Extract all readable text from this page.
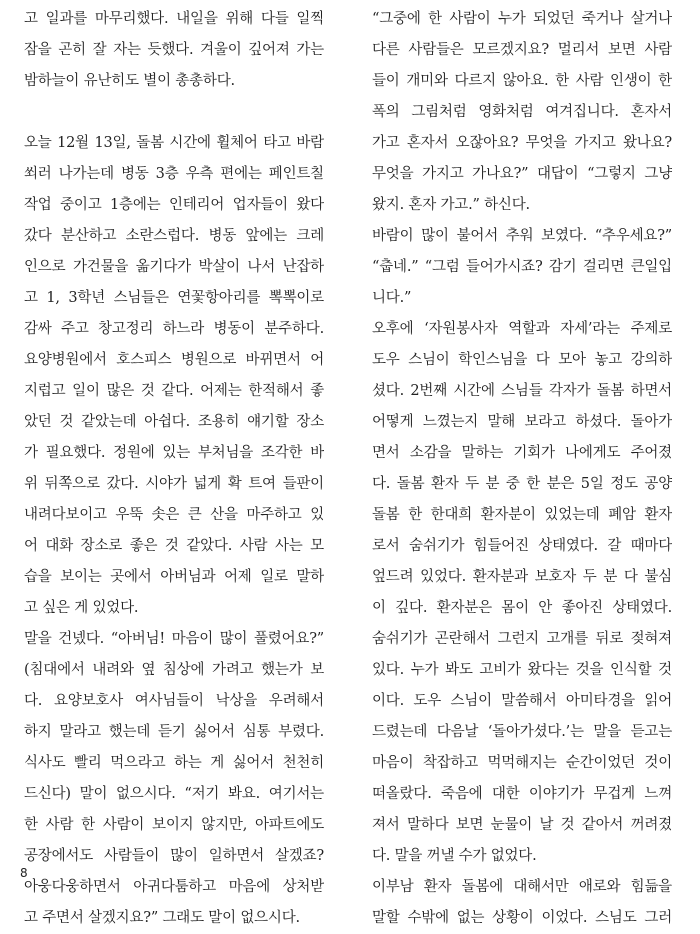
고 일과를 마무리했다. 내일을 위해 다들 일찍
잠을 곤히 잘 자는 듯했다. 겨울이 깊어져 가는
밤하늘이 유난히도 별이 총총하다.
오늘 12월 13일, 돌봄 시간에 휠체어 타고 바람
쐬러 나가는데 병동 3층 우측 편에는 페인트칠
작업 중이고 1층에는 인테리어 업자들이 왔다
갔다 분산하고 소란스럽다. 병동 앞에는 크레
인으로 가건물을 옮기다가 박살이 나서 난잡하
고 1, 3학년 스님들은 연꽃항아리를 뽁뽁이로
감싸 주고 창고정리 하느라 병동이 분주하다.
요양병원에서 호스피스 병원으로 바뀌면서 어
지럽고 일이 많은 것 같다. 어제는 한적해서 좋
았던 것 같았는데 아쉽다. 조용히 얘기할 장소
가 필요했다. 정원에 있는 부처님을 조각한 바
위 뒤쪽으로 갔다. 시야가 넓게 확 트여 들판이
내려다보이고 우뚝 솟은 큰 산을 마주하고 있
어 대화 장소로 좋은 것 같았다. 사람 사는 모
습을 보이는 곳에서 아버님과 어제 일로 말하
고 싶은 게 있었다.
말을 건넸다. “아버님! 마음이 많이 풀렸어요?”
(침대에서 내려와 옆 침상에 가려고 했는가 보
다. 요양보호사 여사님들이 낙상을 우려해서
하지 말라고 했는데 듣기 싫어서 심통 부렸다.
식사도 빨리 먹으라고 하는 게 싫어서 천천히
드신다) 말이 없으시다. “저기 봐요. 여기서는
한 사람 한 사람이 보이지 않지만, 아파트에도
공장에서도 사람들이 많이 일하면서 살겠죠?
아웅다웅하면서 아귀다툼하고 마음에 상처받
고 주면서 살겠지요?” 그래도 말이 없으시다.
“그중에 한 사람이 누가 되었던 죽거나 살거나
다른 사람들은 모르겠지요? 멀리서 보면 사람
들이 개미와 다르지 않아요. 한 사람 인생이 한
폭의 그림처럼 영화처럼 여겨집니다. 혼자서
가고 혼자서 오잖아요? 무엇을 가지고 왔나요?
무엇을 가지고 가나요?” 대답이 “그렇지 그냥
왔지. 혼자 가고.” 하신다.
바람이 많이 불어서 추워 보였다. “추우세요?”
“춥네.” “그럼 들어가시죠? 감기 걸리면 큰일입
니다.”
오후에 ‘자원봉사자 역할과 자세’라는 주제로
도우 스님이 학인스님을 다 모아 놓고 강의하
셨다. 2번째 시간에 스님들 각자가 돌봄 하면서
어떻게 느꼈는지 말해 보라고 하셨다. 돌아가
면서 소감을 말하는 기회가 나에게도 주어졌
다. 돌봄 환자 두 분 중 한 분은 5일 정도 공양
돌봄 한 한대희 환자분이 있었는데 폐암 환자
로서 숨쉬기가 힘들어진 상태였다. 갈 때마다
엎드려 있었다. 환자분과 보호자 두 분 다 불심
이 깊다. 환자분은 몸이 안 좋아진 상태였다.
숨쉬기가 곤란해서 그런지 고개를 뒤로 젖혀져
있다. 누가 봐도 고비가 왔다는 것을 인식할 것
이다. 도우 스님이 말씀해서 아미타경을 읽어
드렸는데 다음날 ‘돌아가셨다.’는 말을 듣고는
마음이 착잡하고 먹먹해지는 순간이었던 것이
떠올랐다. 죽음에 대한 이야기가 무겁게 느껴
져서 말하다 보면 눈물이 날 것 같아서 꺼려졌
다. 말을 꺼낼 수가 없었다.
이부남 환자 돌봄에 대해서만 애로와 힘듦을
말할 수밖에 없는 상황이 이었다. 스님도 그러
8
